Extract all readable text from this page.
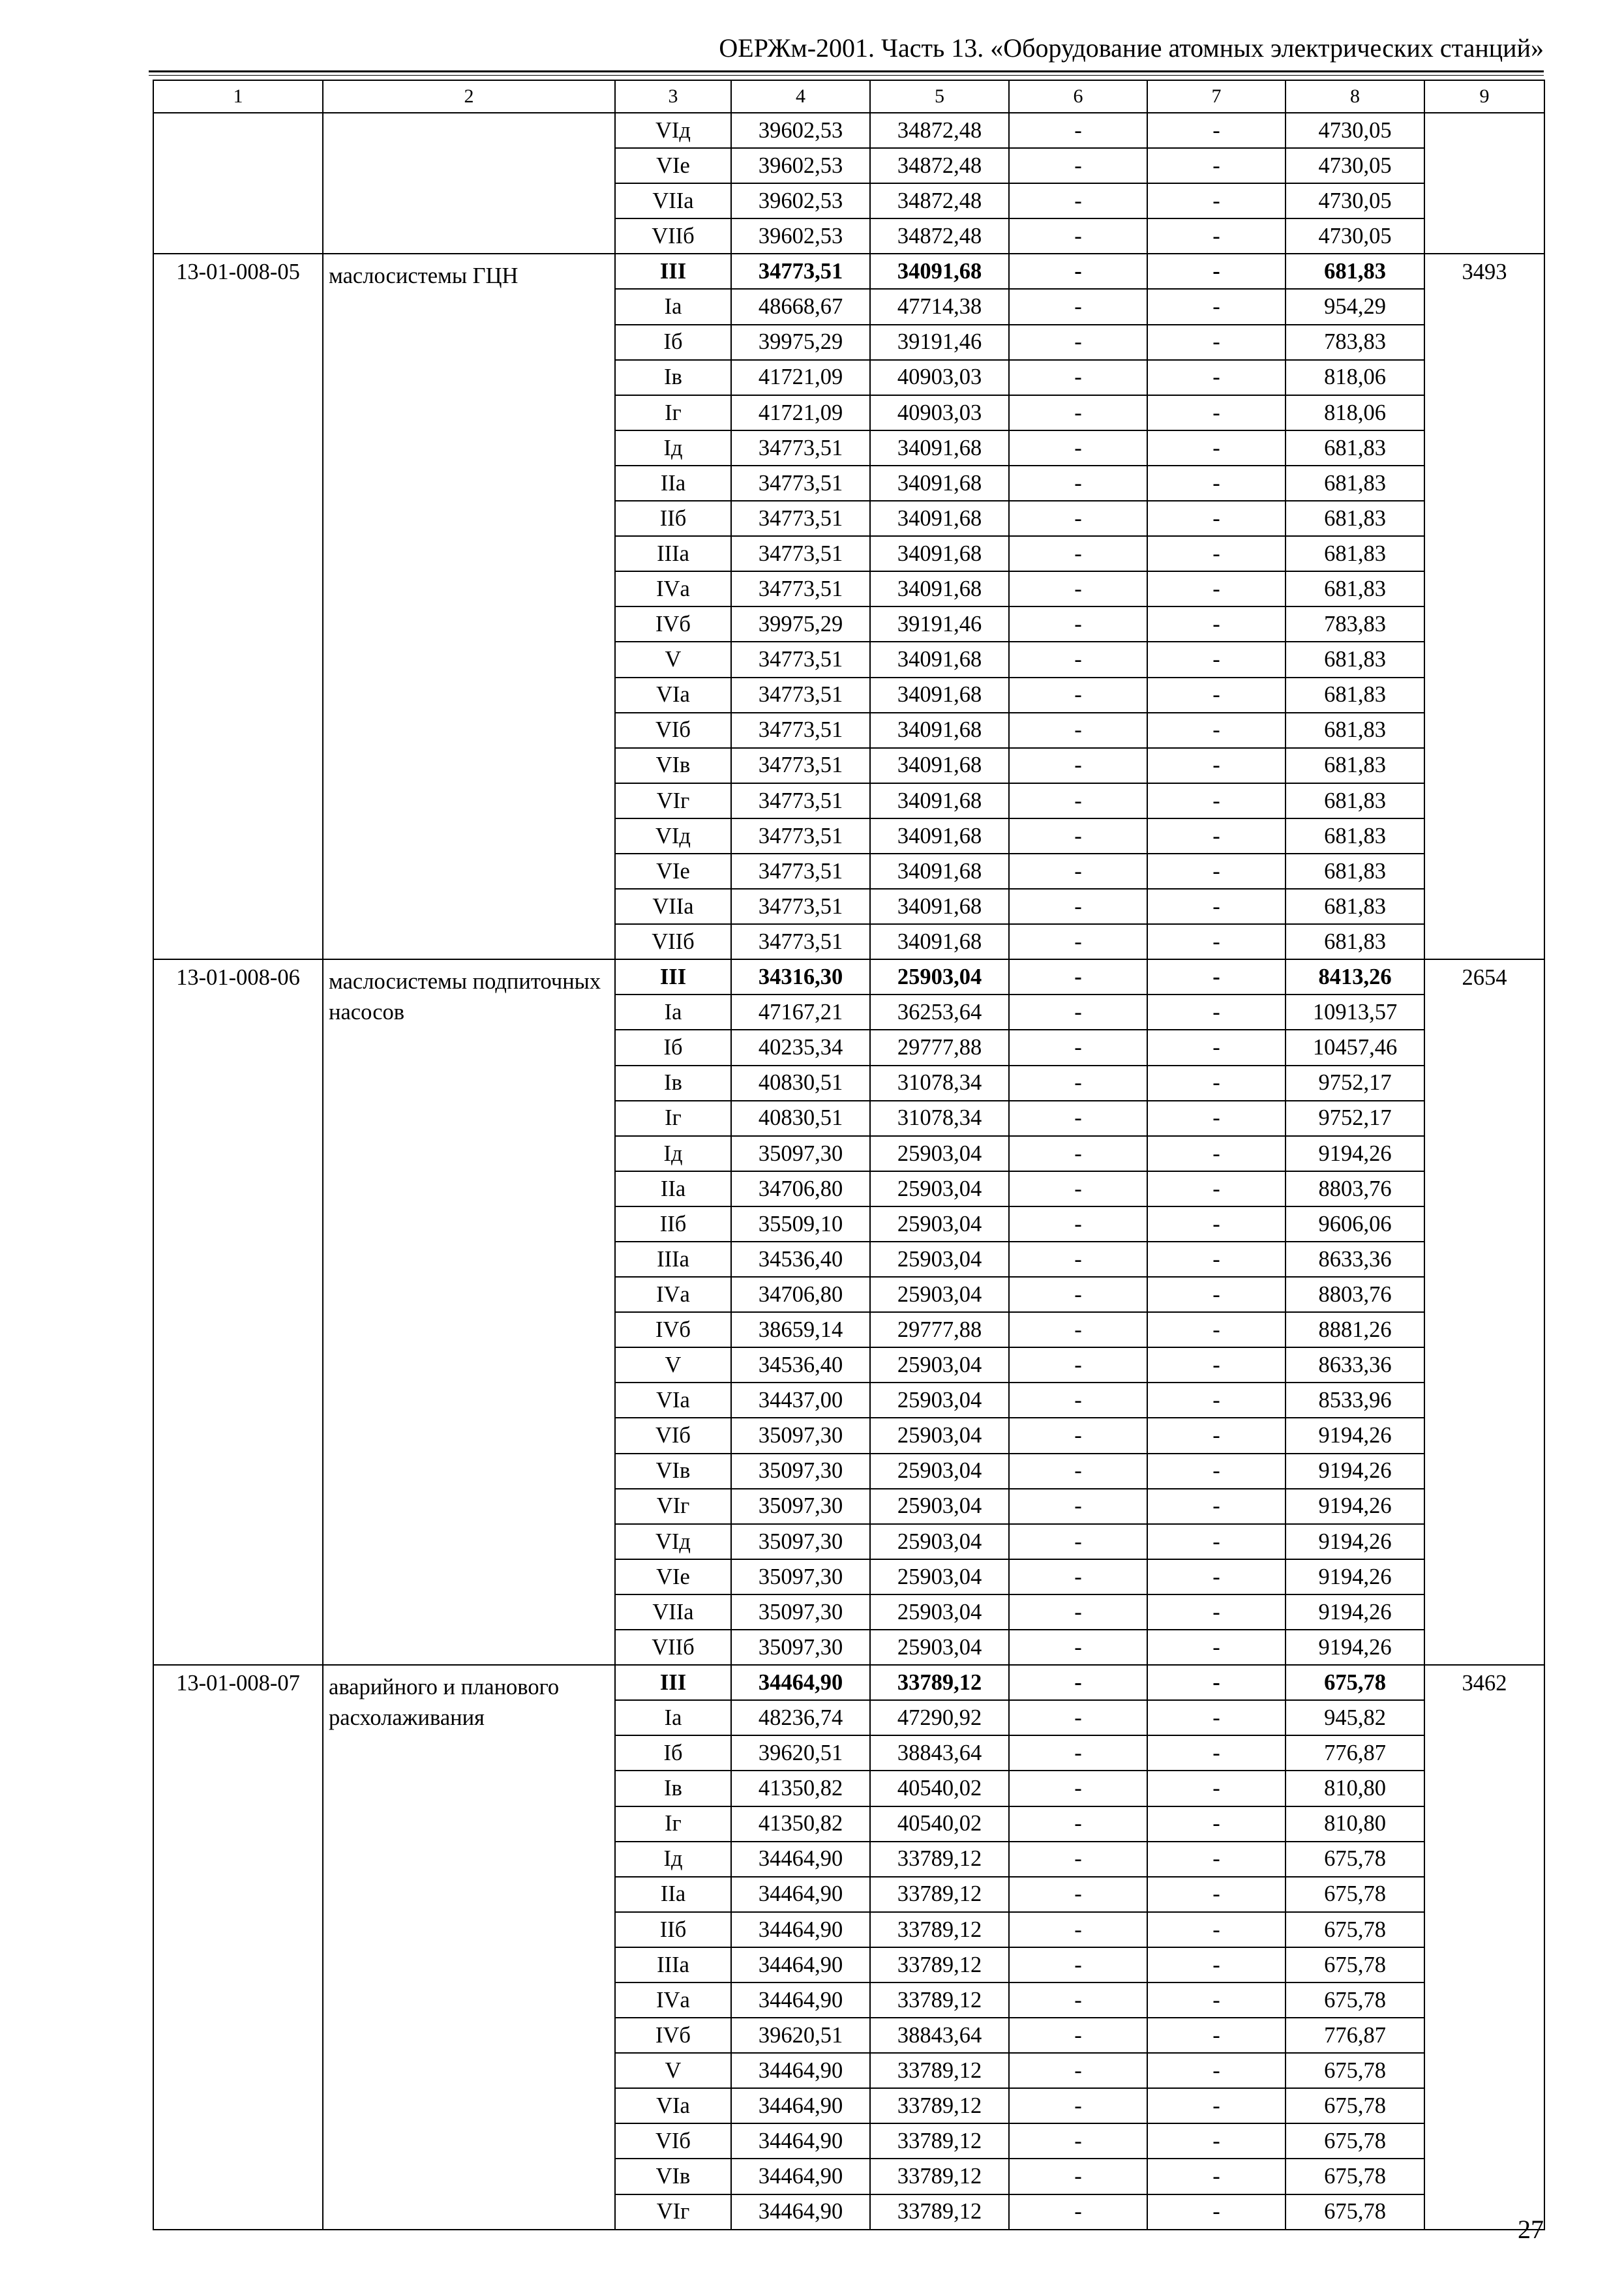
ОЕРЖм-2001. Часть 13. «Оборудование атомных электрических станций»
1	2	3	4	5	6	7	8	9
		VIд	39602,53	34872,48	-	-	4730,05	
		VIе	39602,53	34872,48	-	-	4730,05	
		VIIа	39602,53	34872,48	-	-	4730,05	
		VIIб	39602,53	34872,48	-	-	4730,05	
13-01-008-05	маслосистемы ГЦН	III	34773,51	34091,68	-	-	681,83	3493
		Iа	48668,67	47714,38	-	-	954,29	
		Iб	39975,29	39191,46	-	-	783,83	
		Iв	41721,09	40903,03	-	-	818,06	
		Iг	41721,09	40903,03	-	-	818,06	
		Iд	34773,51	34091,68	-	-	681,83	
		IIа	34773,51	34091,68	-	-	681,83	
		IIб	34773,51	34091,68	-	-	681,83	
		IIIа	34773,51	34091,68	-	-	681,83	
		IVа	34773,51	34091,68	-	-	681,83	
		IVб	39975,29	39191,46	-	-	783,83	
		V	34773,51	34091,68	-	-	681,83	
		VIа	34773,51	34091,68	-	-	681,83	
		VIб	34773,51	34091,68	-	-	681,83	
		VIв	34773,51	34091,68	-	-	681,83	
		VIг	34773,51	34091,68	-	-	681,83	
		VIд	34773,51	34091,68	-	-	681,83	
		VIе	34773,51	34091,68	-	-	681,83	
		VIIа	34773,51	34091,68	-	-	681,83	
		VIIб	34773,51	34091,68	-	-	681,83	
13-01-008-06	маслосистемы подпиточных насосов	III	34316,30	25903,04	-	-	8413,26	2654
		Iа	47167,21	36253,64	-	-	10913,57	
		Iб	40235,34	29777,88	-	-	10457,46	
		Iв	40830,51	31078,34	-	-	9752,17	
		Iг	40830,51	31078,34	-	-	9752,17	
		Iд	35097,30	25903,04	-	-	9194,26	
		IIа	34706,80	25903,04	-	-	8803,76	
		IIб	35509,10	25903,04	-	-	9606,06	
		IIIа	34536,40	25903,04	-	-	8633,36	
		IVа	34706,80	25903,04	-	-	8803,76	
		IVб	38659,14	29777,88	-	-	8881,26	
		V	34536,40	25903,04	-	-	8633,36	
		VIа	34437,00	25903,04	-	-	8533,96	
		VIб	35097,30	25903,04	-	-	9194,26	
		VIв	35097,30	25903,04	-	-	9194,26	
		VIг	35097,30	25903,04	-	-	9194,26	
		VIд	35097,30	25903,04	-	-	9194,26	
		VIе	35097,30	25903,04	-	-	9194,26	
		VIIа	35097,30	25903,04	-	-	9194,26	
		VIIб	35097,30	25903,04	-	-	9194,26	
13-01-008-07	аварийного и планового расхолаживания	III	34464,90	33789,12	-	-	675,78	3462
		Iа	48236,74	47290,92	-	-	945,82	
		Iб	39620,51	38843,64	-	-	776,87	
		Iв	41350,82	40540,02	-	-	810,80	
		Iг	41350,82	40540,02	-	-	810,80	
		Iд	34464,90	33789,12	-	-	675,78	
		IIа	34464,90	33789,12	-	-	675,78	
		IIб	34464,90	33789,12	-	-	675,78	
		IIIа	34464,90	33789,12	-	-	675,78	
		IVа	34464,90	33789,12	-	-	675,78	
		IVб	39620,51	38843,64	-	-	776,87	
		V	34464,90	33789,12	-	-	675,78	
		VIа	34464,90	33789,12	-	-	675,78	
		VIб	34464,90	33789,12	-	-	675,78	
		VIв	34464,90	33789,12	-	-	675,78	
		VIг	34464,90	33789,12	-	-	675,78	
27
